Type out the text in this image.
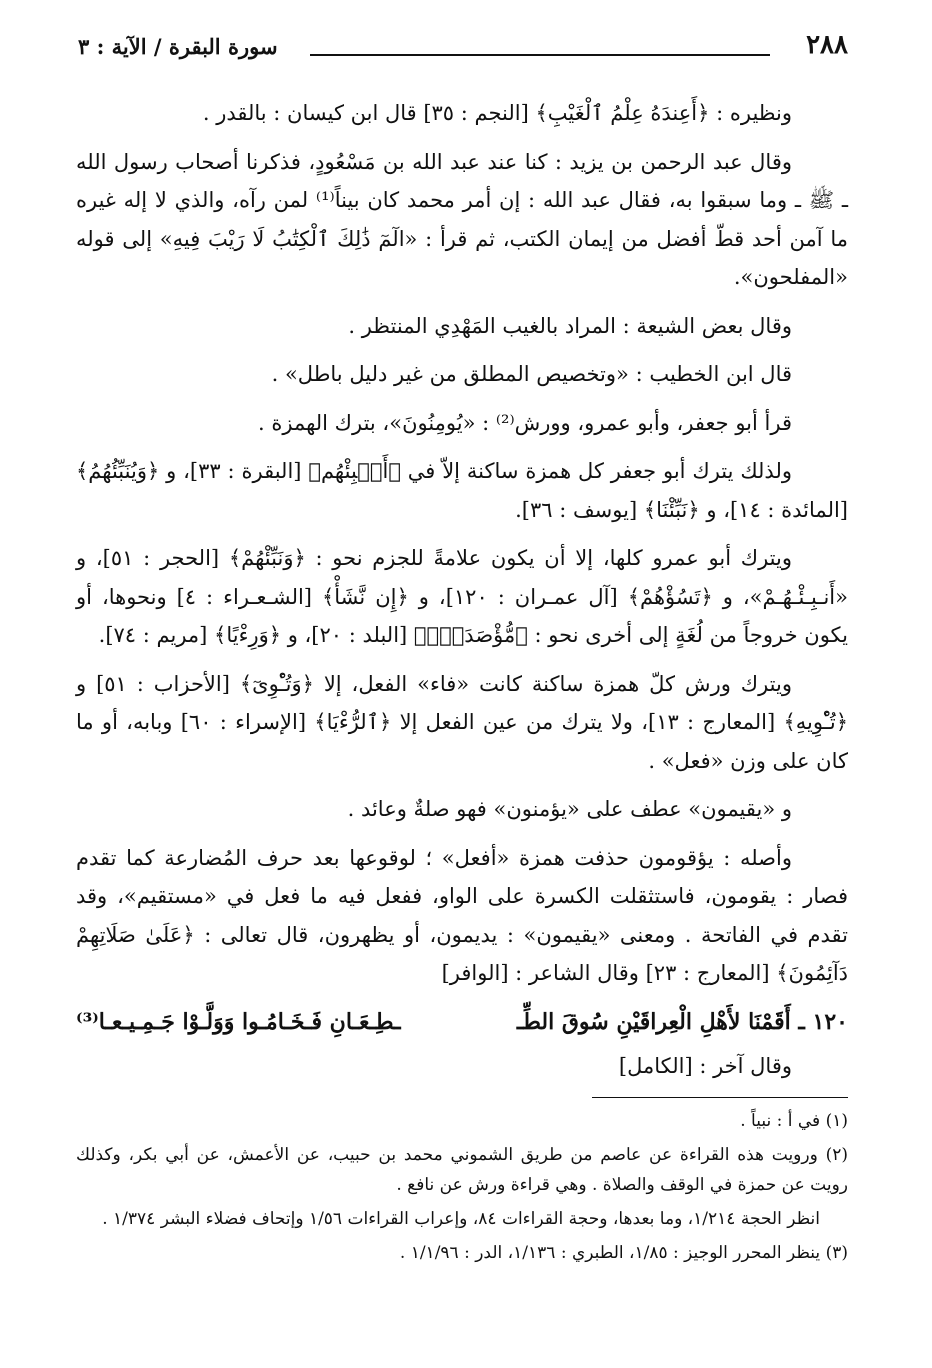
٢٨٨
سورة البقرة / الآية : ٣

ونظيره : ﴿أَعِندَهُ عِلْمُ ٱلْغَيْبِ﴾ [النجم : ٣٥] قال ابن كيسان : بالقدر .

وقال عبد الرحمن بن يزيد : كنا عند عبد الله بن مَسْعُودٍ، فذكرنا أصحاب رسول الله ـ ﷺ ـ وما سبقوا به، فقال عبد الله : إن أمر محمد كان بيناً⁽¹⁾ لمن رآه، والذي لا إله غيره ما آمن أحد قطّ أفضل من إيمان الكتب، ثم قرأ : «الٓمٓ ذَٰلِكَ ٱلْكِتَٰبُ لَا رَيْبَ فِيهِ» إلى قوله «المفلحون».

وقال بعض الشيعة : المراد بالغيب المَهْدِي المنتظر .

قال ابن الخطيب : «وتخصيص المطلق من غير دليل باطل» .

قرأ أبو جعفر، وأبو عمرو، وورش⁽²⁾ : «يُومِنُونَ»، بترك الهمزة .

ولذلك يترك أبو جعفر كل همزة ساكنة إلاّ في ﴿أَنۢبِئْهُم﴾ [البقرة : ٣٣]، و ﴿وَيُنَبِّئُهُمُ﴾ [المائدة : ١٤]، و ﴿نَبِّئْنَا﴾ [يوسف : ٣٦].

ويترك أبو عمرو كلها، إلا أن يكون علامةً للجزم نحو : ﴿وَنَبِّئْهُمْ﴾ [الحجر : ٥١]، و «أَنـبِـئْـهُـمْ»، و ﴿تَسُؤْهُمْ﴾ [آل عمـران : ١٢٠]، و ﴿إِن نَّشَأْ﴾ [الشـعـراء : ٤] ونحوها، أو يكون خروجاً من لُغَةٍ إلى أخرى نحو : ﴿مُّؤْصَدَةٌۢ﴾ [البلد : ٢٠]، و ﴿وَرِءْيًا﴾ [مريم : ٧٤].

ويترك ورش كلّ همزة ساكنة كانت «فاء» الفعل، إلا ﴿وَتُـْٔوِىٓ﴾ [الأحزاب : ٥١] و ﴿تُـْٔوِيهِ﴾ [المعارج : ١٣]، ولا يترك من عين الفعل إلا ﴿ٱلرُّءْيَا﴾ [الإسراء : ٦٠] وبابه، أو ما كان على وزن «فعل» .

و «يقيمون» عطف على «يؤمنون» فهو صلةٌ وعائد .

وأصله : يؤقومون حذفت همزة «أفعل» ؛ لوقوعها بعد حرف المُضارعة كما تقدم فصار : يقومون، فاستثقلت الكسرة على الواو، ففعل فيه ما فعل في «مستقيم»، وقد تقدم في الفاتحة . ومعنى «يقيمون» : يديمون، أو يظهرون، قال تعالى : ﴿عَلَىٰ صَلَاتِهِمْ دَآئِمُونَ﴾ [المعارج : ٢٣] وقال الشاعر : [الوافر]

١٢٠ ـ أَقَمْنَا لأَهْلِ الْعِراقَيْنِ سُوقَ الطِّـ
ـطِـعَـانِ فَـخَـامُـوا وَوَلَّـوْا جَـمِـيـعـا⁽³⁾

وقال آخر : [الكامل]

(١) في أ : نبياً .

(٢) ورويت هذه القراءة عن عاصم من طريق الشموني محمد بن حبيب، عن الأعمش، عن أبي بكر، وكذلك رويت عن حمزة في الوقف والصلاة . وهي قراءة ورش عن نافع .

انظر الحجة ١/٢١٤، وما بعدها، وحجة القراءات ٨٤، وإعراب القراءات ١/٥٦ وإتحاف فضلاء البشر ١/٣٧٤ .

(٣) ينظر المحرر الوجيز : ١/٨٥، الطبري : ١/١٣٦، الدر : ١/١/٩٦ .
